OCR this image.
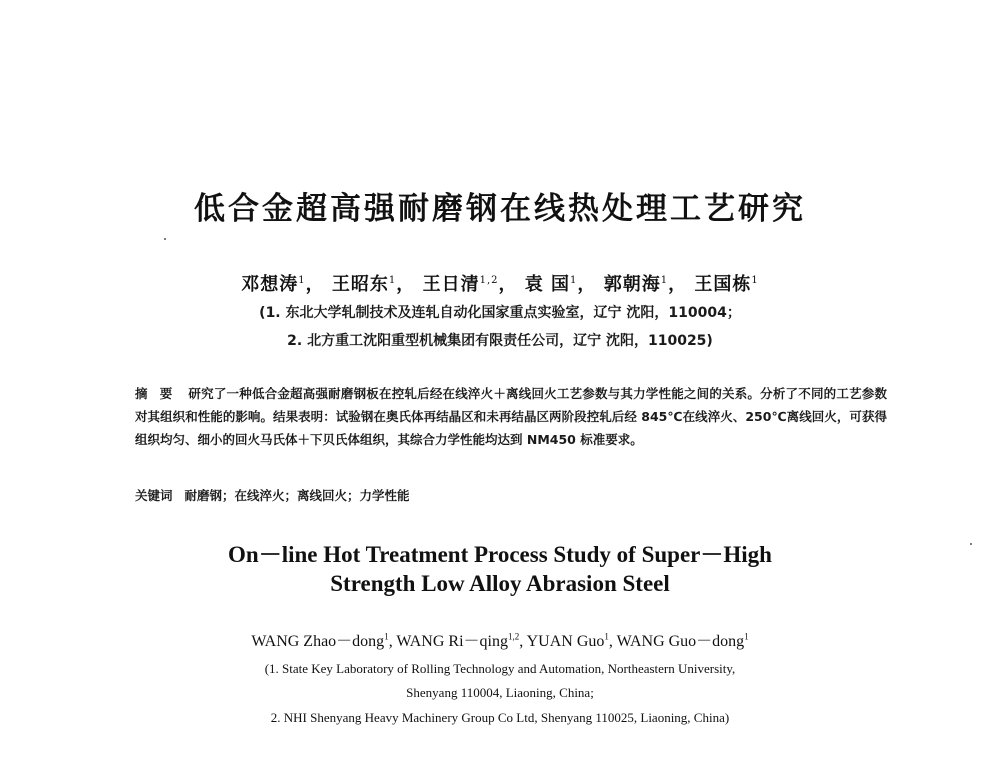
低合金超高强耐磨钢在线热处理工艺研究
邓想涛$^1$， 王昭东$^1$， 王日清$^{1,2}$， 袁 国$^1$， 郭朝海$^1$， 王国栋$^1$
(1. 东北大学轧制技术及连轧自动化国家重点实验室，辽宁 沈阳，110004；
2. 北方重工沈阳重型机械集团有限责任公司，辽宁 沈阳，110025)
摘要 研究了一种低合金超高强耐磨钢板在控轧后经在线淬火＋离线回火工艺参数与其力学性能之间的关系。分析了不同的工艺参数对其组织和性能的影响。结果表明：试验钢在奥氏体再结晶区和未再结晶区两阶段控轧后经 845℃在线淬火、250℃离线回火，可获得组织均匀、细小的回火马氏体＋下贝氏体组织，其综合力学性能均达到 NM450 标准要求。
关键词 耐磨钢；在线淬火；离线回火；力学性能
On－line Hot Treatment Process Study of Super－High
Strength Low Alloy Abrasion Steel
WANG Zhao－dong$^1$, WANG Ri－qing$^{1,2}$, YUAN Guo$^1$, WANG Guo－dong$^1$
(1. State Key Laboratory of Rolling Technology and Automation, Northeastern University,
Shenyang 110004, Liaoning, China;
2. NHI Shenyang Heavy Machinery Group Co Ltd, Shenyang 110025, Liaoning, China)
